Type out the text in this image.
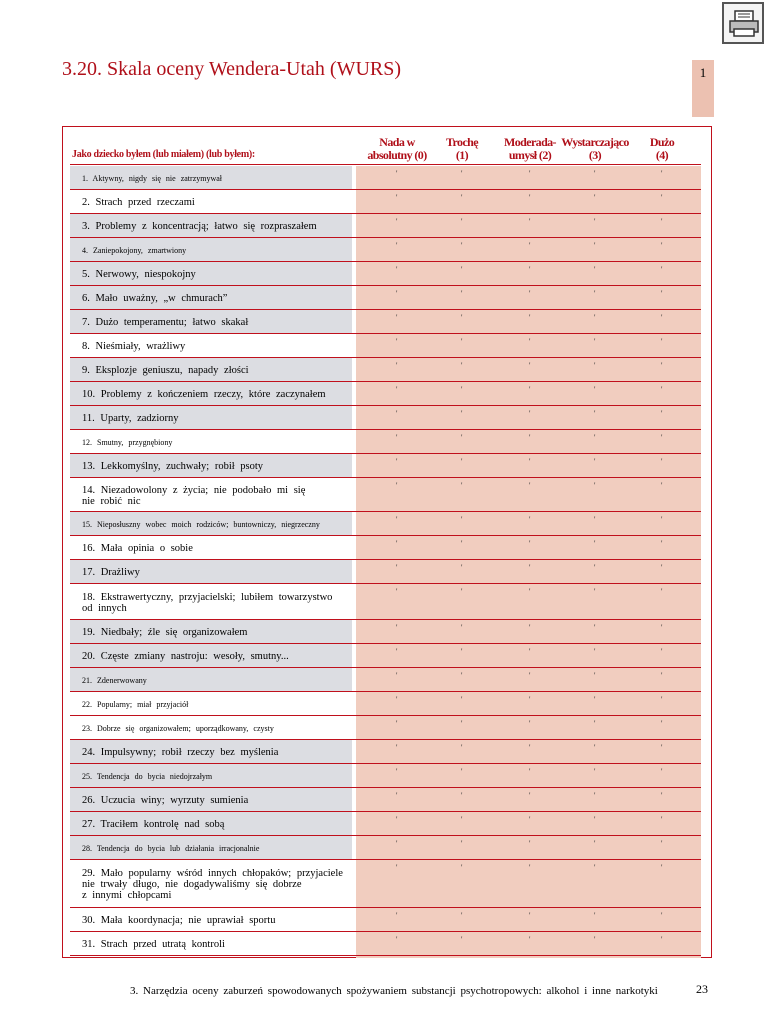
3.20. Skala oceny Wendera-Utah (WURS)	1
Jako dziecko byłem (lub miałem) (lub byłem):
Nada w
absolutny (0)
Trochę
(1)
Moderada-
umysł (2)
Wystarczająco
(3)
Dużo
(4)
1. Aktywny, nigdy się nie zatrzymywał
'	'	'	'	'
2. Strach przed rzeczami	'	'	'	'	'
3. Problemy z koncentracją; łatwo się rozpraszałem	'	'	'	'	'
4. Zaniepokojony, zmartwiony
'	'	'	'	'
5. Nerwowy, niespokojny	'	'	'	'	'
6. Mało uważny, „w chmurach”	'	'	'	'	'
7. Dużo temperamentu; łatwo skakał	'	'	'	'	'
8. Nieśmiały, wrażliwy	'	'	'	'	'
9. Eksplozje geniuszu, napady złości	'	'	'	'	'
10. Problemy z kończeniem rzeczy, które zaczynałem	'	'	'	'	'
11. Uparty, zadziorny	'	'	'	'	'
12. Smutny, przygnębiony
'	'	'	'	'
13. Lekkomyślny, zuchwały; robił psoty	'	'	'	'	'
14. Niezadowolony z życia; nie podobało mi się
nie robić nic
'	'	'	'	'
15. Nieposłuszny wobec moich rodziców; buntowniczy, niegrzeczny
'	'	'	'	'
16. Mała opinia o sobie	'	'	'	'	'
17. Drażliwy	'	'	'	'	'
18. Ekstrawertyczny, przyjacielski; lubiłem towarzystwo
od innych
'	'	'	'	'
19. Niedbały; źle się organizowałem	'	'	'	'	'
20. Częste zmiany nastroju: wesoły, smutny...	'	'	'	'	'
21. Zdenerwowany
'	'	'	'	'
22. Popularny; miał przyjaciół
'	'	'	'	'
23. Dobrze się organizowałem; uporządkowany, czysty
'	'	'	'	'
24. Impulsywny; robił rzeczy bez myślenia	'	'	'	'	'
25. Tendencja do bycia niedojrzałym
'	'	'	'	'
26. Uczucia winy; wyrzuty sumienia	'	'	'	'	'
27. Traciłem kontrolę nad sobą	'	'	'	'	'
28. Tendencja do bycia lub działania irracjonalnie
'	'	'	'	'
29. Mało popularny wśród innych chłopaków; przyjaciele
nie trwały długo, nie dogadywaliśmy się dobrze
z innymi chłopcami
'	'	'	'	'
30. Mała koordynacja; nie uprawiał sportu	'	'	'	'	'
31. Strach przed utratą kontroli	'	'	'	'	'
3. Narzędzia oceny zaburzeń spowodowanych spożywaniem substancji psychotropowych: alkohol i inne narkotyki	23
